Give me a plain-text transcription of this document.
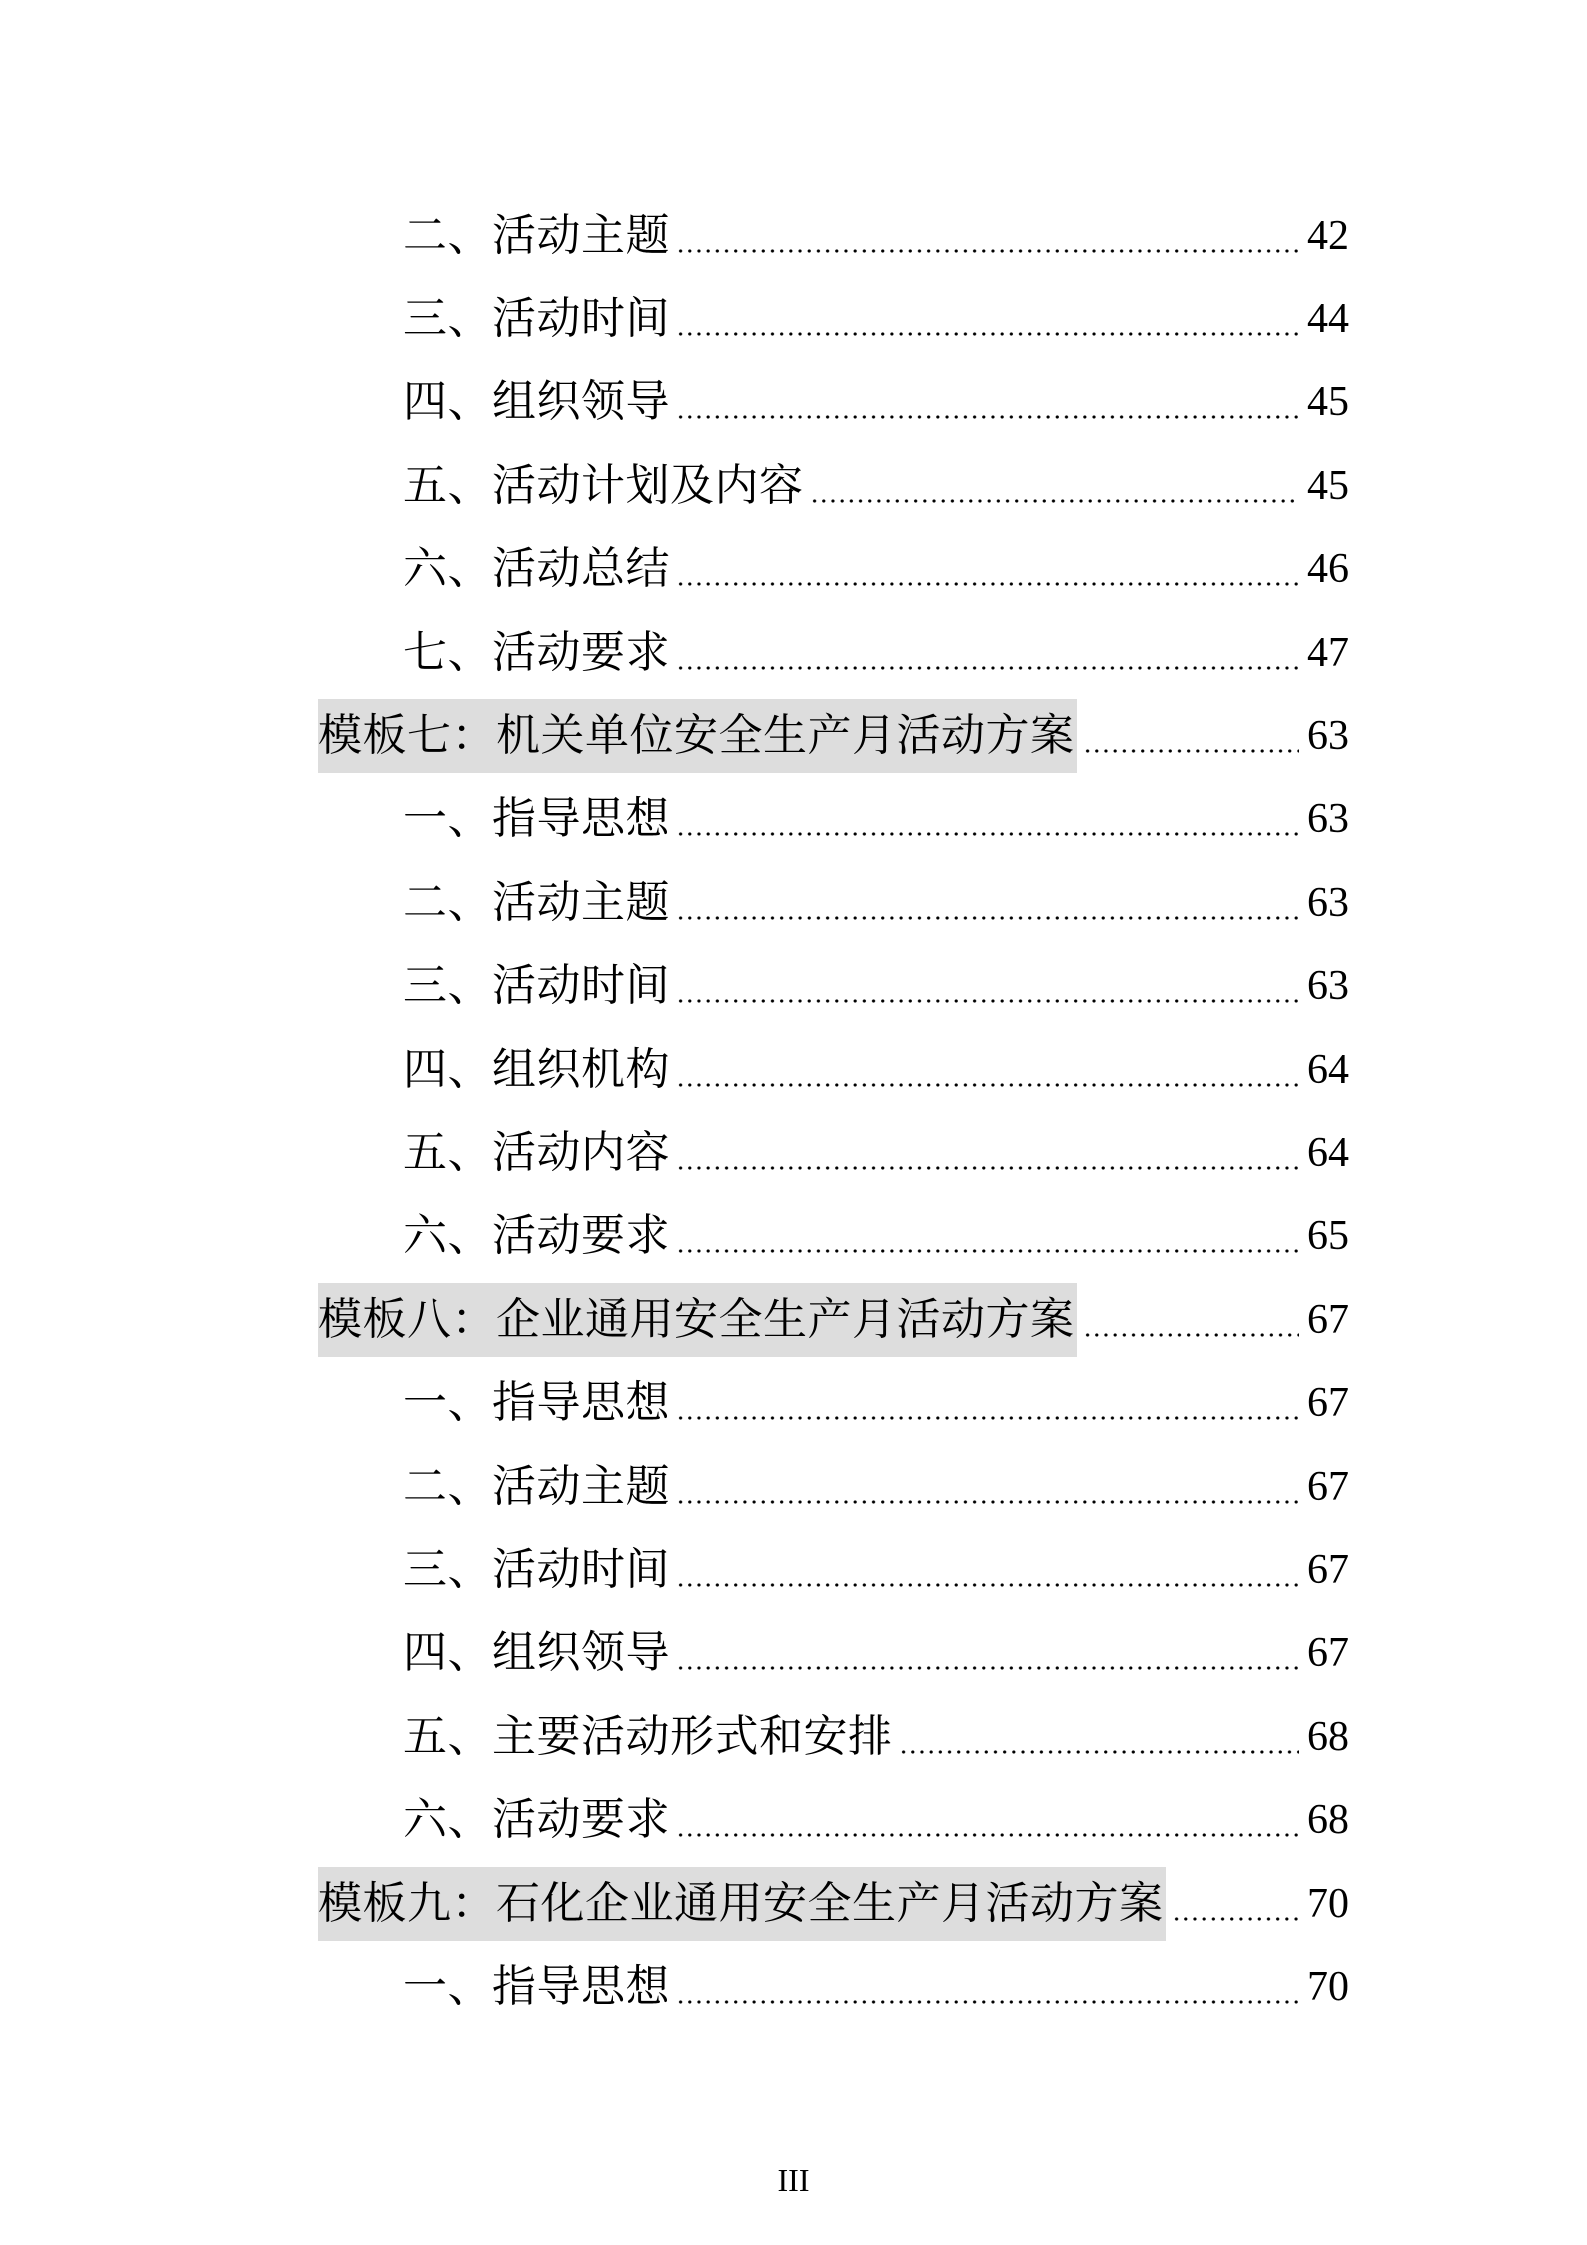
二、活动主题	42
三、活动时间	44
四、组织领导	45
五、活动计划及内容	45
六、活动总结	46
七、活动要求	47
模板七：机关单位安全生产月活动方案	63
一、指导思想	63
二、活动主题	63
三、活动时间	63
四、组织机构	64
五、活动内容	64
六、活动要求	65
模板八：企业通用安全生产月活动方案	67
一、指导思想	67
二、活动主题	67
三、活动时间	67
四、组织领导	67
五、主要活动形式和安排	68
六、活动要求	68
模板九：石化企业通用安全生产月活动方案	70
一、指导思想	70
III
